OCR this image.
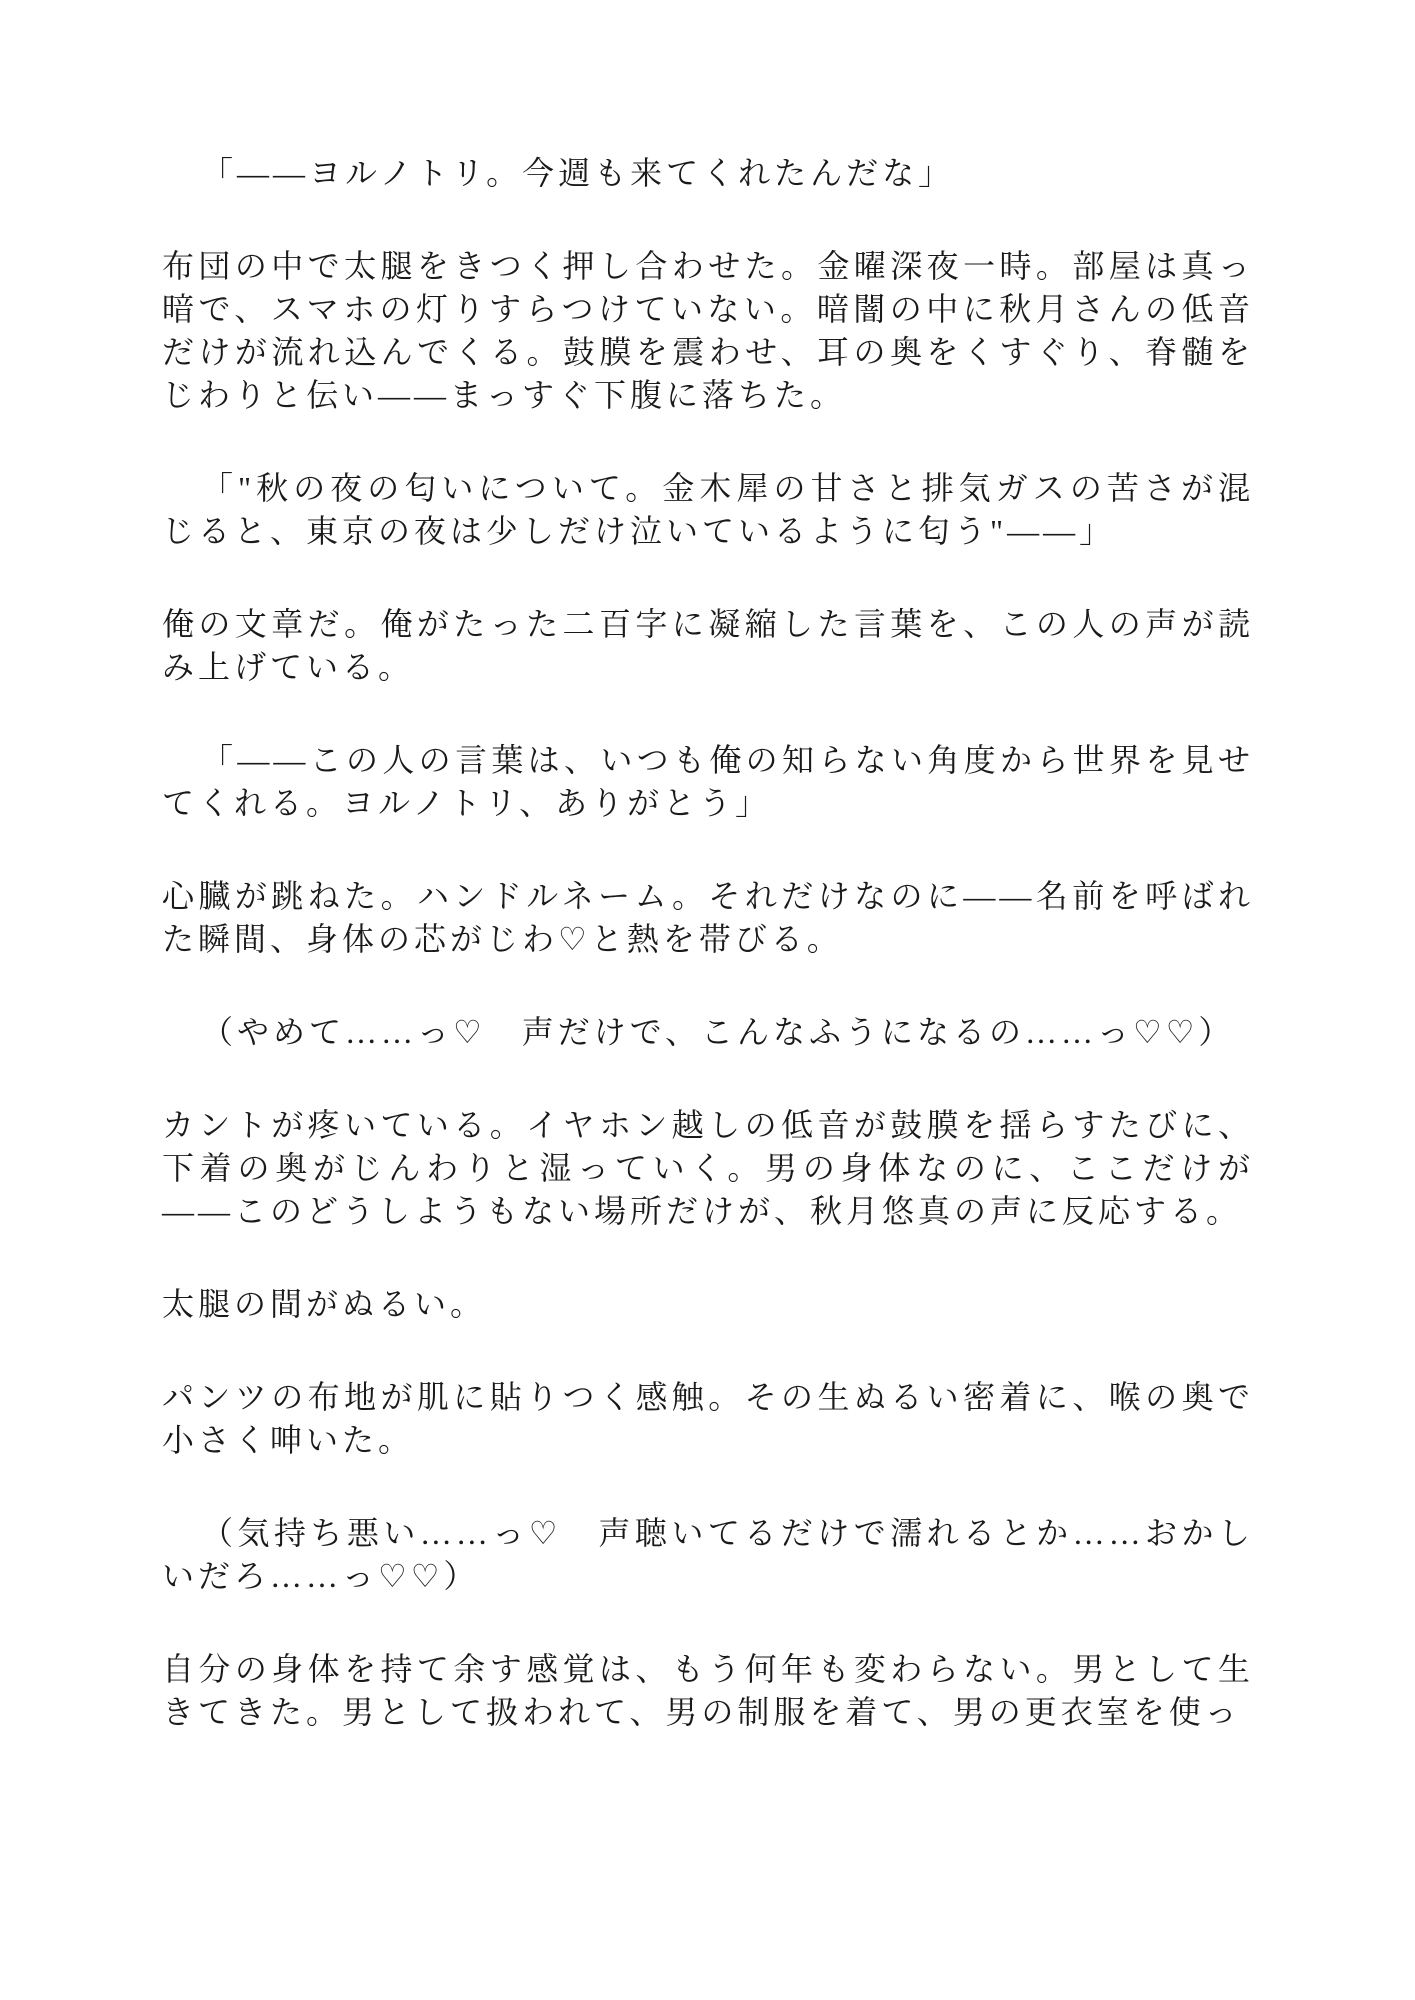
「――ヨルノトリ。今週も来てくれたんだな」

布団の中で太腿をきつく押し合わせた。金曜深夜一時。部屋は真っ暗で、スマホの灯りすらつけていない。暗闇の中に秋月さんの低音だけが流れ込んでくる。鼓膜を震わせ、耳の奥をくすぐり、脊髄をじわりと伝い――まっすぐ下腹に落ちた。

「"秋の夜の匂いについて。金木犀の甘さと排気ガスの苦さが混じると、東京の夜は少しだけ泣いているように匂う"――」

俺の文章だ。俺がたった二百字に凝縮した言葉を、この人の声が読み上げている。

「――この人の言葉は、いつも俺の知らない角度から世界を見せてくれる。ヨルノトリ、ありがとう」

心臓が跳ねた。ハンドルネーム。それだけなのに――名前を呼ばれた瞬間、身体の芯がじわ♡と熱を帯びる。

（やめて……っ♡　声だけで、こんなふうになるの……っ♡♡）

カントが疼いている。イヤホン越しの低音が鼓膜を揺らすたびに、下着の奥がじんわりと湿っていく。男の身体なのに、ここだけが――このどうしようもない場所だけが、秋月悠真の声に反応する。

太腿の間がぬるい。

パンツの布地が肌に貼りつく感触。その生ぬるい密着に、喉の奥で小さく呻いた。

（気持ち悪い……っ♡　声聴いてるだけで濡れるとか……おかしいだろ……っ♡♡）

自分の身体を持て余す感覚は、もう何年も変わらない。男として生きてきた。男として扱われて、男の制服を着て、男の更衣室を使っ
